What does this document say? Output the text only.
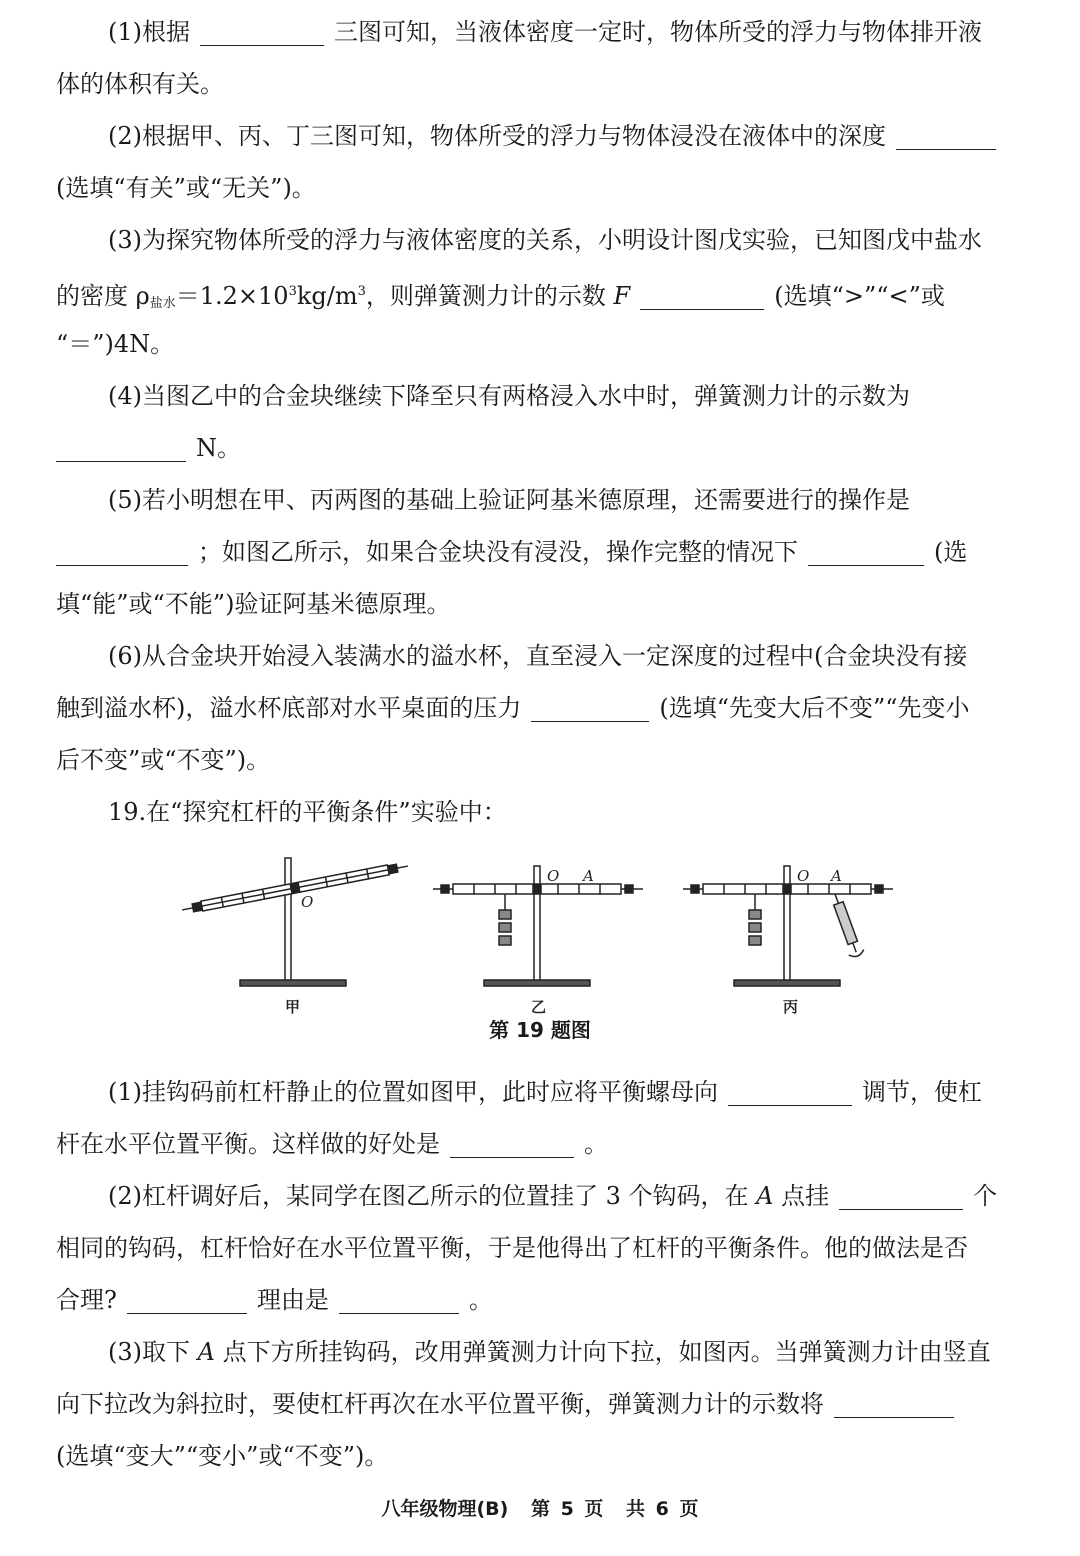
(1)根据	三图可知，当液体密度一定时，物体所受的浮力与物体排开液

体的体积有关。

(2)根据甲、丙、丁三图可知，物体所受的浮力与物体浸没在液体中的深度

(选填“有关”或“无关”)。

(3)为探究物体所受的浮力与液体密度的关系，小明设计图戊实验，已知图戊中盐水

的密度 $\rho_{盐水}=1.2\times 10^3kg/m^3$，则弹簧测力计的示数 F	(选填“>”“<”或

“＝”)4N。

(4)当图乙中的合金块继续下降至只有两格浸入水中时，弹簧测力计的示数为

N。

(5)若小明想在甲、丙两图的基础上验证阿基米德原理，还需要进行的操作是

；如图乙所示，如果合金块没有浸没，操作完整的情况下	(选

填“能”或“不能”)验证阿基米德原理。

(6)从合金块开始浸入装满水的溢水杯，直至浸入一定深度的过程中(合金块没有接

触到溢水杯)，溢水杯底部对水平桌面的压力	(选填“先变大后不变”“先变小

后不变”或“不变”)。

19.在“探究杠杆的平衡条件”实验中：

O
甲
O A
乙
O A
丙
第 19 题图

(1)挂钩码前杠杆静止的位置如图甲，此时应将平衡螺母向	调节，使杠

杆在水平位置平衡。这样做的好处是	。

(2)杠杆调好后，某同学在图乙所示的位置挂了 3 个钩码，在 A 点挂	个

相同的钩码，杠杆恰好在水平位置平衡，于是他得出了杠杆的平衡条件。他的做法是否

合理?	理由是	。

(3)取下 A 点下方所挂钩码，改用弹簧测力计向下拉，如图丙。当弹簧测力计由竖直

向下拉改为斜拉时，要使杠杆再次在水平位置平衡，弹簧测力计的示数将

(选填“变大”“变小”或“不变”)。

八年级物理(B) 第 5 页 共 6 页
